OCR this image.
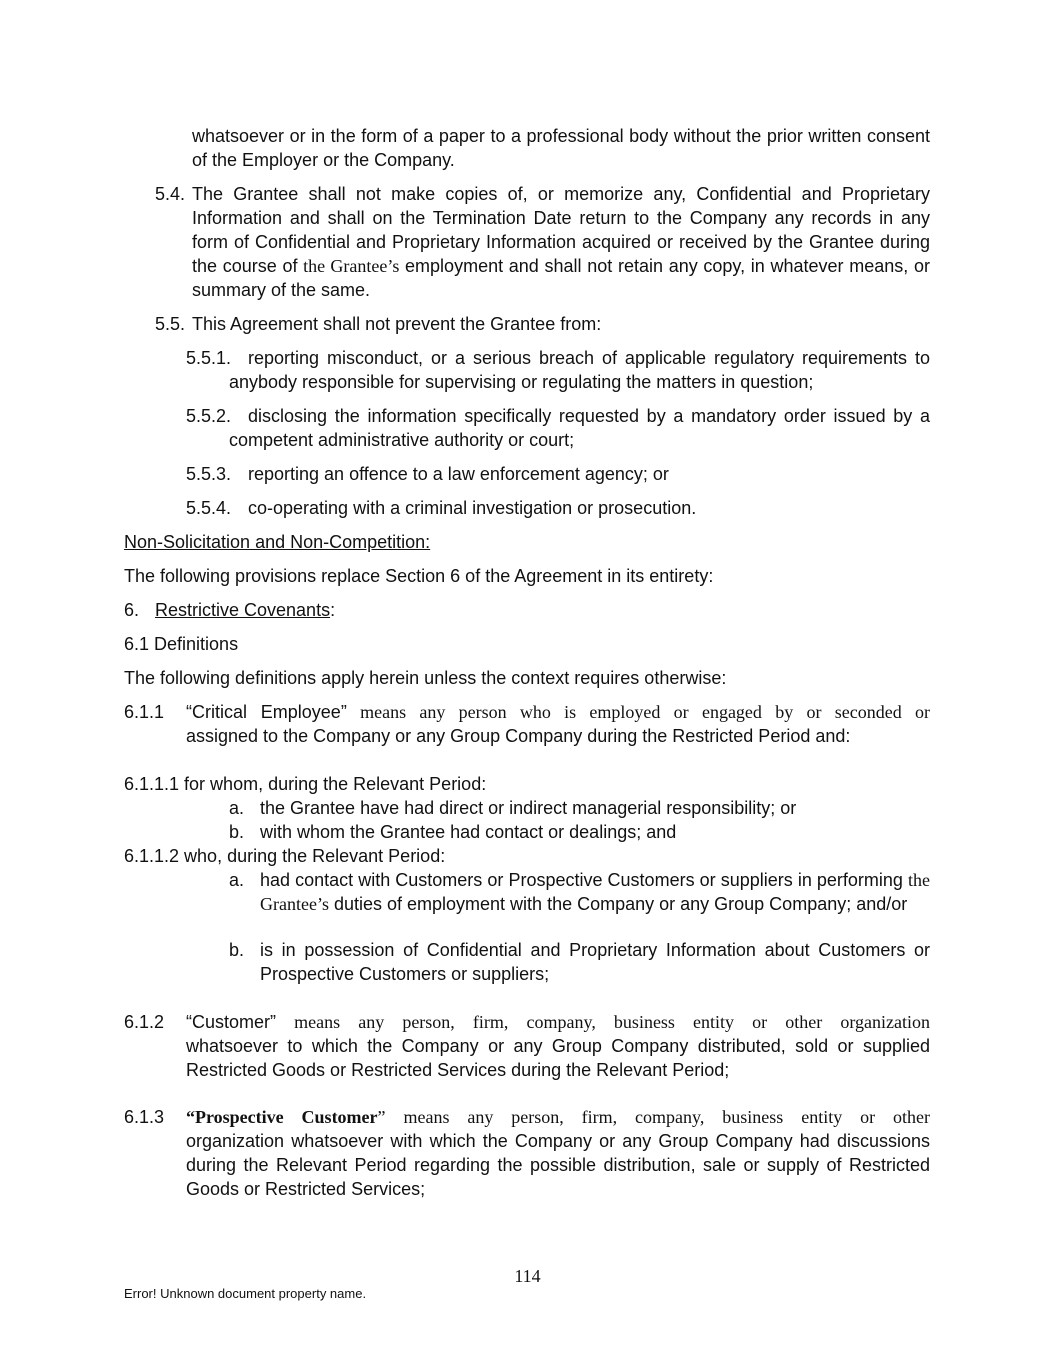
whatsoever or in the form of a paper to a professional body without the prior written consent of the Employer or the Company.
5.4. The Grantee shall not make copies of, or memorize any, Confidential and Proprietary Information and shall on the Termination Date return to the Company any records in any form of Confidential and Proprietary Information acquired or received by the Grantee during the course of the Grantee’s employment and shall not retain any copy, in whatever means, or summary of the same.
5.5. This Agreement shall not prevent the Grantee from:
5.5.1. reporting misconduct, or a serious breach of applicable regulatory requirements to anybody responsible for supervising or regulating the matters in question;
5.5.2. disclosing the information specifically requested by a mandatory order issued by a competent administrative authority or court;
5.5.3. reporting an offence to a law enforcement agency; or
5.5.4. co-operating with a criminal investigation or prosecution.
Non-Solicitation and Non-Competition:
The following provisions replace Section 6 of the Agreement in its entirety:
6. Restrictive Covenants:
6.1 Definitions
The following definitions apply herein unless the context requires otherwise:
6.1.1 “Critical Employee” means any person who is employed or engaged by or seconded or
assigned to the Company or any Group Company during the Restricted Period and:
6.1.1.1 for whom, during the Relevant Period:
a. the Grantee have had direct or indirect managerial responsibility; or
b. with whom the Grantee had contact or dealings; and
6.1.1.2 who, during the Relevant Period:
a. had contact with Customers or Prospective Customers or suppliers in performing the Grantee’s duties of employment with the Company or any Group Company; and/or
b. is in possession of Confidential and Proprietary Information about Customers or Prospective Customers or suppliers;
6.1.2 “Customer” means any person, firm, company, business entity or other organization
whatsoever to which the Company or any Group Company distributed, sold or supplied Restricted Goods or Restricted Services during the Relevant Period;
6.1.3 “Prospective Customer” means any person, firm, company, business entity or other
organization whatsoever with which the Company or any Group Company had discussions during the Relevant Period regarding the possible distribution, sale or supply of Restricted Goods or Restricted Services;
114
Error! Unknown document property name.
